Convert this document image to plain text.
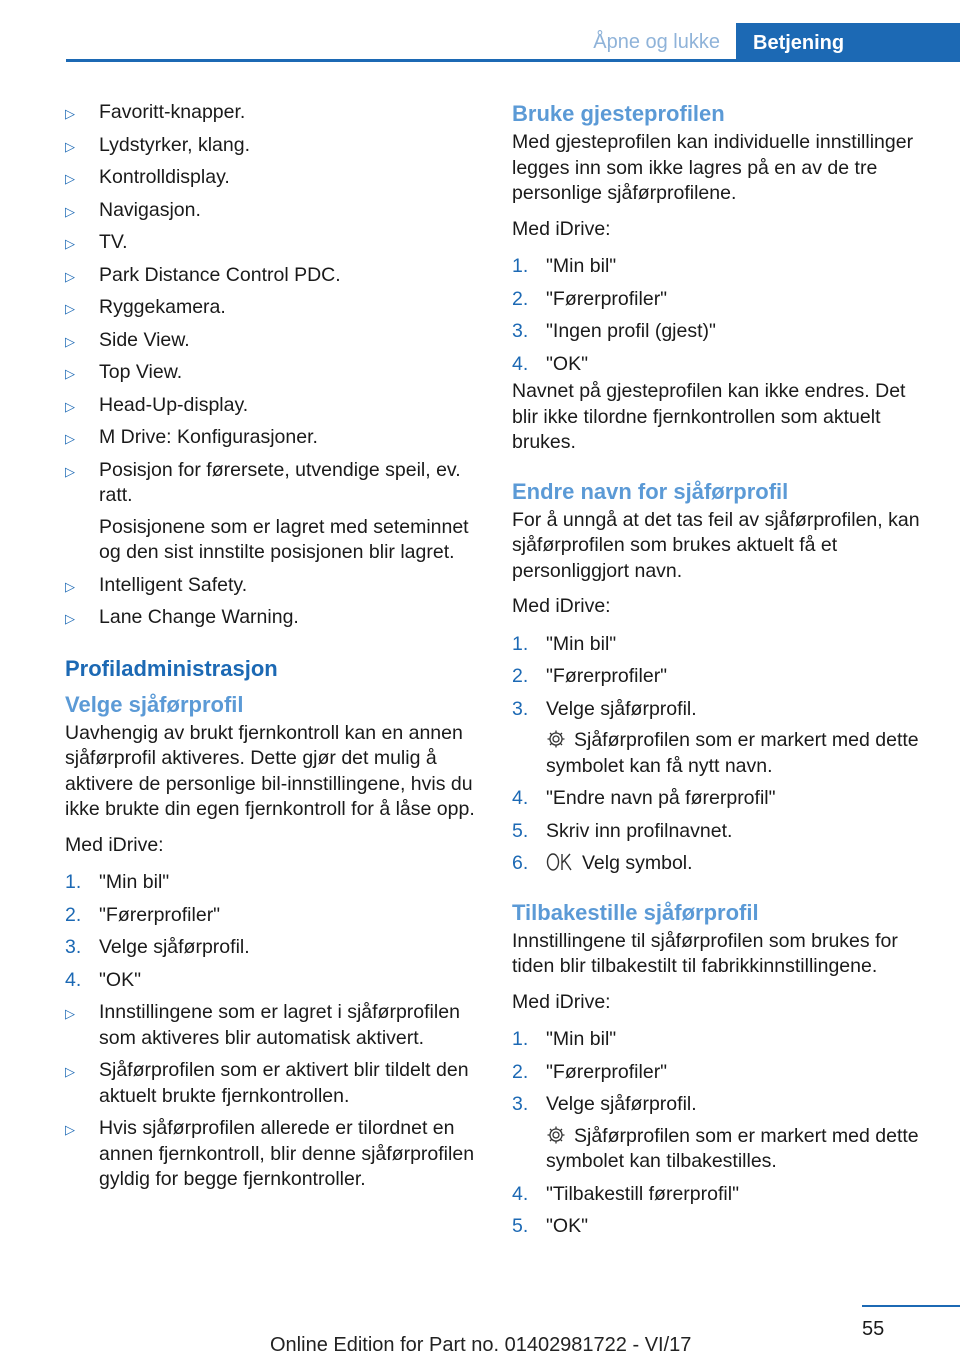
Åpne og lukke	Betjening
▷ Favoritt-knapper.
▷ Lydstyrker, klang.
▷ Kontrolldisplay.
▷ Navigasjon.
▷ TV.
▷ Park Distance Control PDC.
▷ Ryggekamera.
▷ Side View.
▷ Top View.
▷ Head-Up-display.
▷ M Drive: Konfigurasjoner.
▷ Posisjon for førersete, utvendige speil, ev. ratt.
Posisjonene som er lagret med seteminnet og den sist innstilte posisjonen blir lagret.
▷ Intelligent Safety.
▷ Lane Change Warning.
Profiladministrasjon
Velge sjåførprofil

Uavhengig av brukt fjernkontroll kan en annen sjåførprofil aktiveres. Dette gjør det mulig å aktivere de personlige bil-innstillingene, hvis du ikke brukte din egen fjernkontroll for å låse opp.

Med iDrive:

1. "Min bil"
2. "Førerprofiler"
3. Velge sjåførprofil.
4. "OK"
▷ Innstillingene som er lagret i sjåførprofilen som aktiveres blir automatisk aktivert.
▷ Sjåførprofilen som er aktivert blir tildelt den aktuelt brukte fjernkontrollen.
▷ Hvis sjåførprofilen allerede er tilordnet en annen fjernkontroll, blir denne sjåførprofilen gyldig for begge fjernkontroller.
Bruke gjesteprofilen

Med gjesteprofilen kan individuelle innstillinger legges inn som ikke lagres på en av de tre personlige sjåførprofilene.

Med iDrive:

1. "Min bil"
2. "Førerprofiler"
3. "Ingen profil (gjest)"
4. "OK"

Navnet på gjesteprofilen kan ikke endres. Det blir ikke tilordne fjernkontrollen som aktuelt brukes.

Endre navn for sjåførprofil

For å unngå at det tas feil av sjåførprofilen, kan sjåførprofilen som brukes aktuelt få et personliggjort navn.

Med iDrive:

1. "Min bil"
2. "Førerprofiler"
3. Velge sjåførprofil.
Sjåførprofilen som er markert med dette symbolet kan få nytt navn.
4. "Endre navn på førerprofil"
5. Skriv inn profilnavnet.
6.	Velg symbol.
Tilbakestille sjåførprofil

Innstillingene til sjåførprofilen som brukes for tiden blir tilbakestilt til fabrikkinnstillingene.

Med iDrive:

1. "Min bil"
2. "Førerprofiler"
3. Velge sjåførprofil.
Sjåførprofilen som er markert med dette symbolet kan tilbakestilles.
4. "Tilbakestill førerprofil"
5. "OK"
55
Online Edition for Part no. 01402981722 - VI/17
